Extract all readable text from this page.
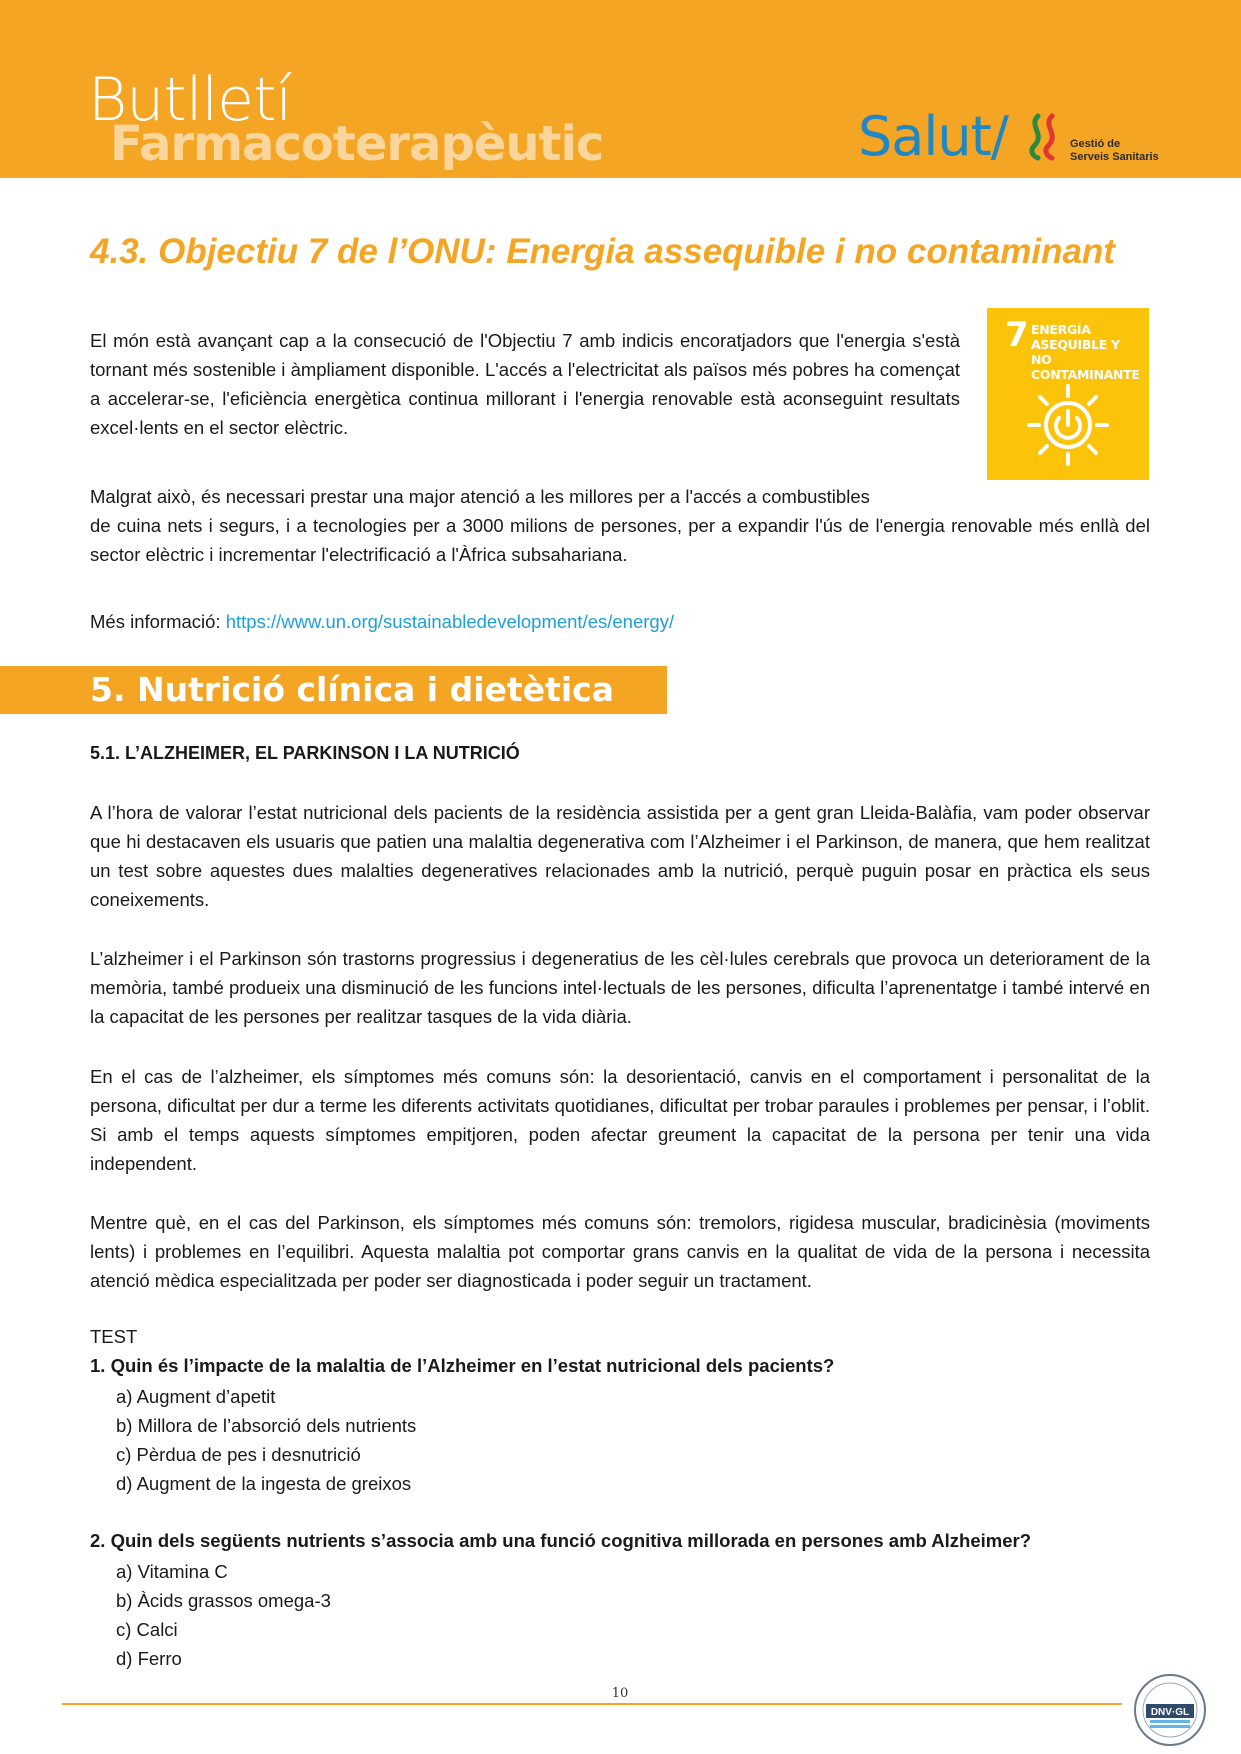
Butlletí
Farmacoterapèutic	Salut/	Gestió de
Serveis Sanitaris
4.3. Objectiu 7 de l’ONU: Energia assequible i no contaminant

El món està avançant cap a la consecució de l'Objectiu 7 amb indicis encoratjadors que l'energia s'està tornant més sostenible i àmpliament disponible. L'accés a l'electricitat als països més pobres ha començat a accelerar-se, l'eficiència energètica continua millorant i l'energia renovable està aconseguint resultats excel·lents en el sector elèctric.

7 ENERGÍA ASEQUIBLE Y NO CONTAMINANTE

Malgrat això, és necessari prestar una major atenció a les millores per a l'accés a combustibles

de cuina nets i segurs, i a tecnologies per a 3000 milions de persones, per a expandir l'ús de l'energia renovable més enllà del sector elèctric i incrementar l'electrificació a l'Àfrica subsahariana.

Més informació: https://www.un.org/sustainabledevelopment/es/energy/

5. Nutrició clínica i dietètica
5.1. L’ALZHEIMER, EL PARKINSON I LA NUTRICIÓ

A l’hora de valorar l’estat nutricional dels pacients de la residència assistida per a gent gran Lleida-Balàfia, vam poder observar que hi destacaven els usuaris que patien una malaltia degenerativa com l’Alzheimer i el Parkinson, de manera, que hem realitzat un test sobre aquestes dues malalties degeneratives relacionades amb la nutrició, perquè puguin posar en pràctica els seus coneixements.

L’alzheimer i el Parkinson són trastorns progressius i degeneratius de les cèl·lules cerebrals que provoca un deteriorament de la memòria, també produeix una disminució de les funcions intel·lectuals de les persones, dificulta l’aprenentatge i també intervé en la capacitat de les persones per realitzar tasques de la vida diària.

En el cas de l’alzheimer, els símptomes més comuns són: la desorientació, canvis en el comportament i personalitat de la persona, dificultat per dur a terme les diferents activitats quotidianes, dificultat per trobar paraules i problemes per pensar, i l’oblit. Si amb el temps aquests símptomes empitjoren, poden afectar greument la capacitat de la persona per tenir una vida independent.

Mentre què, en el cas del Parkinson, els símptomes més comuns són: tremolors, rigidesa muscular, bradicinèsia (moviments lents) i problemes en l’equilibri. Aquesta malaltia pot comportar grans canvis en la qualitat de vida de la persona i necessita atenció mèdica especialitzada per poder ser diagnosticada i poder seguir un tractament.

TEST

1. Quin és l’impacte de la malaltia de l’Alzheimer en l’estat nutricional dels pacients?

a) Augment d’apetit
b) Millora de l’absorció dels nutrients
c) Pèrdua de pes i desnutrició
d) Augment de la ingesta de greixos

2. Quin dels següents nutrients s’associa amb una funció cognitiva millorada en persones amb Alzheimer?

a) Vitamina C
b) Àcids grassos omega-3
c) Calci
d) Ferro
10
DNV·GL
